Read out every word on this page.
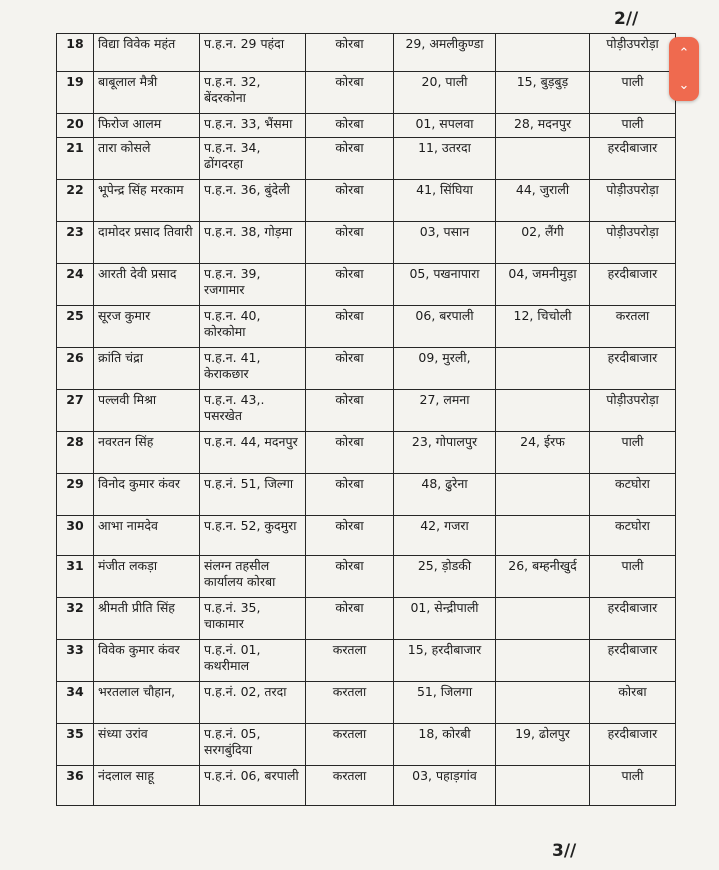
2//
18	विद्या विवेक महंत	प.ह.न. 29 पहंदा	कोरबा	29, अमलीकुण्डा		पोड़ीउपरोड़ा
19	बाबूलाल मैत्री	प.ह.न. 32, बेंदरकोना	कोरबा	20, पाली	15, बुड़बुड़	पाली
20	फिरोज आलम	प.ह.न. 33, भैंसमा	कोरबा	01, सपलवा	28, मदनपुर	पाली
21	तारा कोसले	प.ह.न. 34, ढोंगदरहा	कोरबा	11, उतरदा		हरदीबाजार
22	भूपेन्द्र सिंह मरकाम	प.ह.न. 36, बुंदेली	कोरबा	41, सिंघिया	44, जुराली	पोड़ीउपरोड़ा
23	दामोदर प्रसाद तिवारी	प.ह.न. 38, गोड़मा	कोरबा	03, पसान	02, लैंगी	पोड़ीउपरोड़ा
24	आरती देवी प्रसाद	प.ह.न. 39, रजगामार	कोरबा	05, पखनापारा	04, जमनीमुड़ा	हरदीबाजार
25	सूरज कुमार	प.ह.न. 40, कोरकोमा	कोरबा	06, बरपाली	12, चिचोली	करतला
26	क्रांति चंद्रा	प.ह.न. 41, केराकछार	कोरबा	09, मुरली,		हरदीबाजार
27	पल्लवी मिश्रा	प.ह.न. 43,. पसरखेत	कोरबा	27, लमना		पोड़ीउपरोड़ा
28	नवरतन सिंह	प.ह.न. 44, मदनपुर	कोरबा	23, गोपालपुर	24, ईरफ	पाली
29	विनोद कुमार कंवर	प.ह.नं. 51, जिल्गा	कोरबा	48, ढुरेना		कटघोरा
30	आभा नामदेव	प.ह.न. 52, कुदमुरा	कोरबा	42, गजरा		कटघोरा
31	मंजीत लकड़ा	संलग्न तहसील कार्यालय कोरबा	कोरबा	25, ड़ोडकी	26, बम्हनीखुर्द	पाली
32	श्रीमती प्रीति सिंह	प.ह.नं. 35, चाकामार	कोरबा	01, सेन्द्रीपाली		हरदीबाजार
33	विवेक कुमार कंवर	प.ह.नं. 01, कथरीमाल	करतला	15, हरदीबाजार		हरदीबाजार
34	भरतलाल चौहान,	प.ह.नं. 02, तरदा	करतला	51, जिलगा		कोरबा
35	संध्या उरांव	प.ह.नं. 05, सरगबुंदिया	करतला	18, कोरबी	19, ढोलपुर	हरदीबाजार
36	नंदलाल साहू	प.ह.नं. 06, बरपाली	करतला	03, पहाड़गांव		पाली
3//
⌃
⌄
